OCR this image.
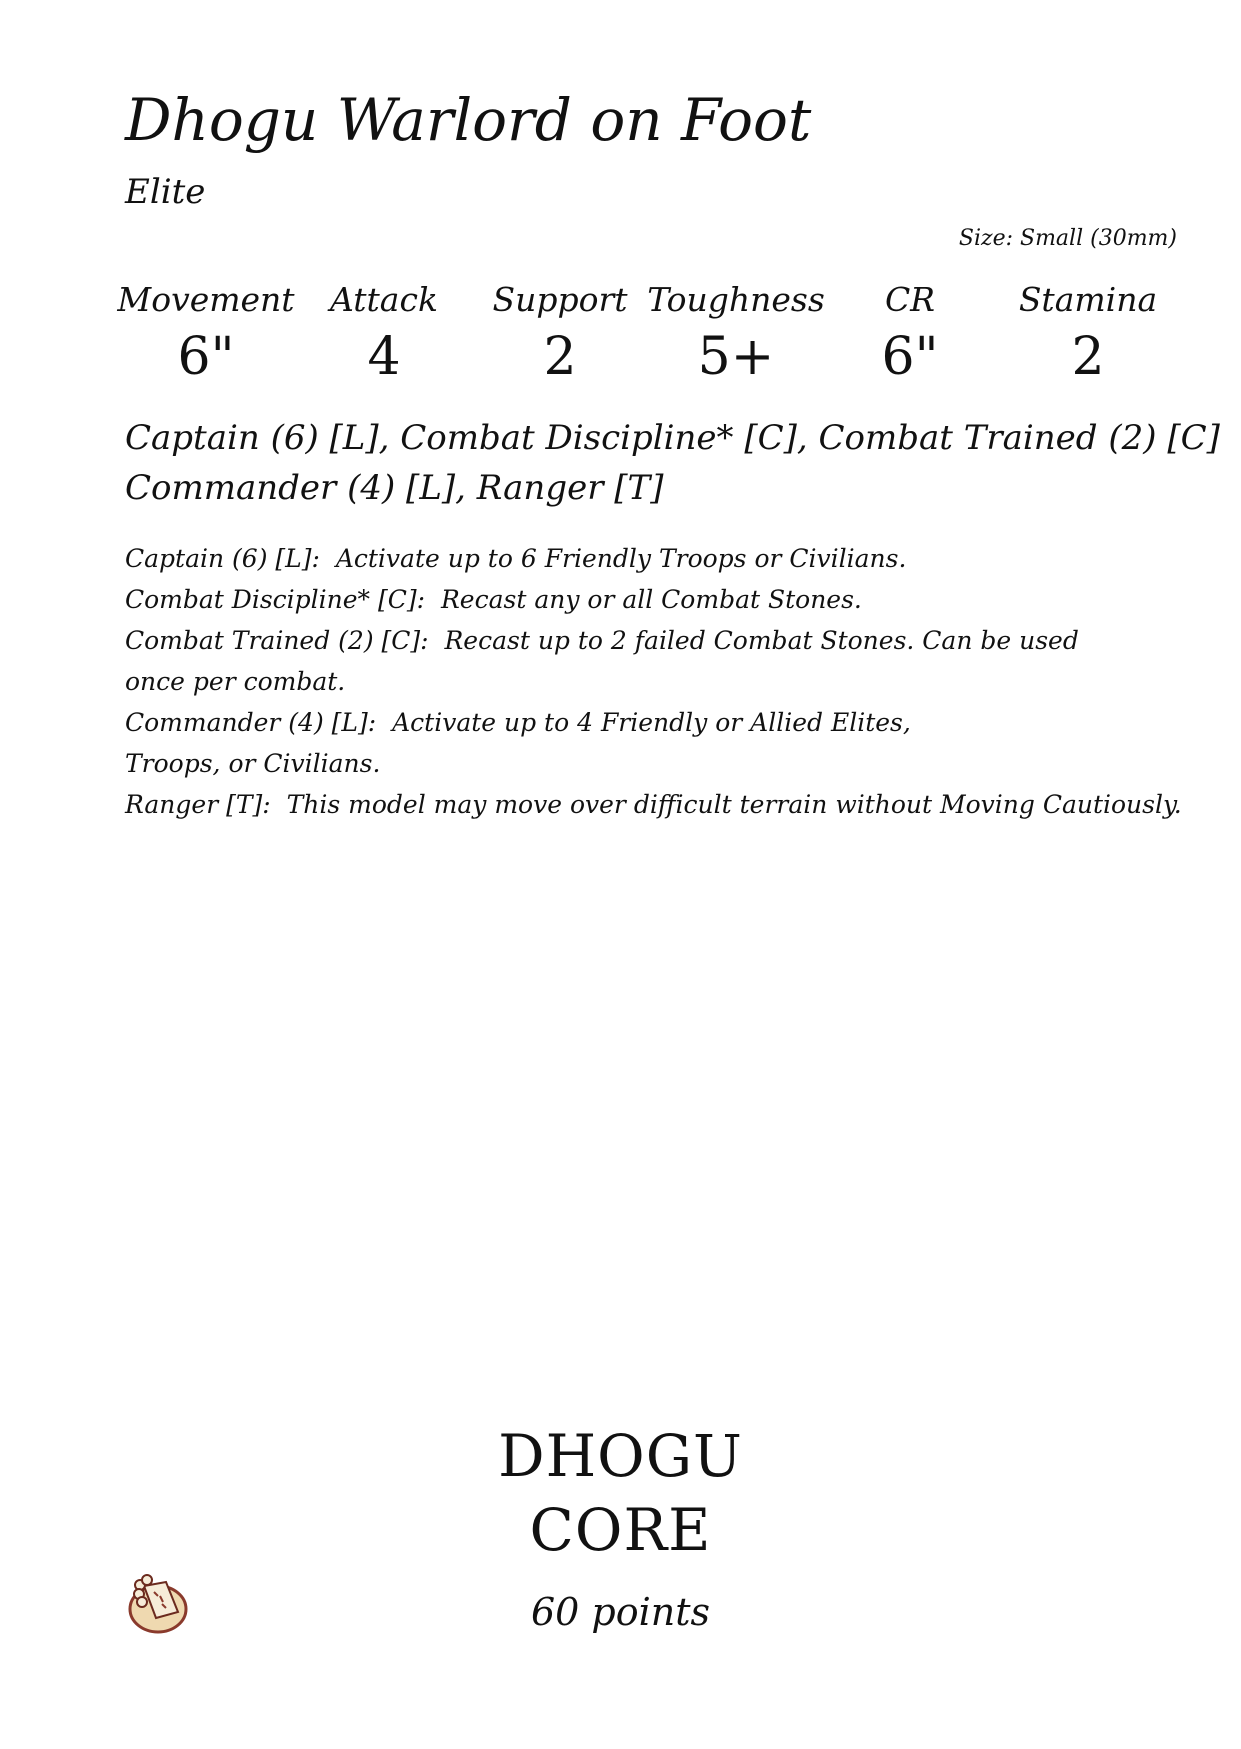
Dhogu Warlord on Foot
Elite
Size: Small (30mm)
Movement
6"
Attack
4
Support
2
Toughness
5+
CR
6"
Stamina
2
Captain (6) [L], Combat Discipline* [C], Combat Trained (2) [C]
Commander (4) [L], Ranger [T]
Captain (6) [L]: Activate up to 6 Friendly Troops or Civilians.
Combat Discipline* [C]: Recast any or all Combat Stones.
Combat Trained (2) [C]: Recast up to 2 failed Combat Stones. Can be used once per combat.
Commander (4) [L]: Activate up to 4 Friendly or Allied Elites, Troops, or Civilians.
Ranger [T]: This model may move over difficult terrain without Moving Cautiously.
DHOGU
CORE
60 points
